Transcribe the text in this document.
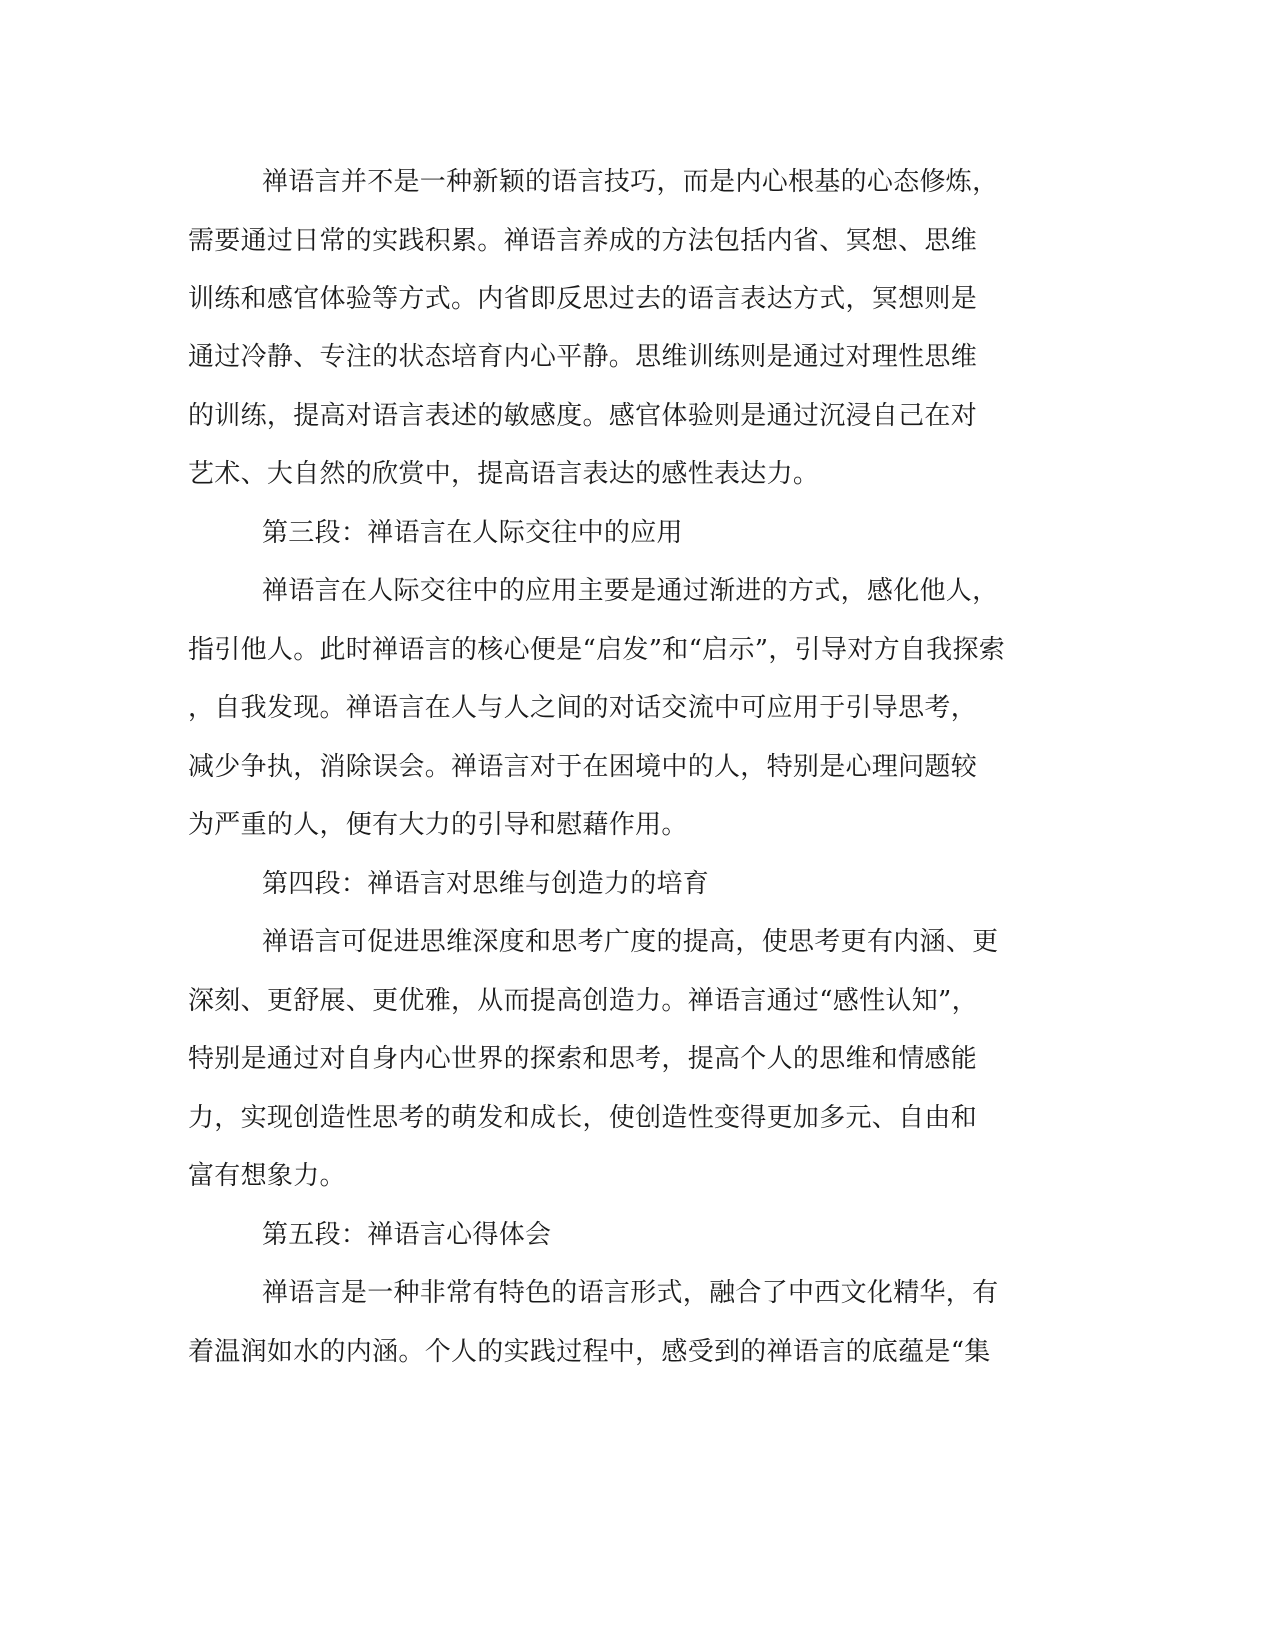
禅语言并不是一种新颖的语言技巧，而是内心根基的心态修炼，
需要通过日常的实践积累。禅语言养成的方法包括内省、冥想、思维
训练和感官体验等方式。内省即反思过去的语言表达方式，冥想则是
通过冷静、专注的状态培育内心平静。思维训练则是通过对理性思维
的训练，提高对语言表述的敏感度。感官体验则是通过沉浸自己在对
艺术、大自然的欣赏中，提高语言表达的感性表达力。
第三段：禅语言在人际交往中的应用
禅语言在人际交往中的应用主要是通过渐进的方式，感化他人，
指引他人。此时禅语言的核心便是“启发”和“启示”，引导对方自我探索
，自我发现。禅语言在人与人之间的对话交流中可应用于引导思考，
减少争执，消除误会。禅语言对于在困境中的人，特别是心理问题较
为严重的人，便有大力的引导和慰藉作用。
第四段：禅语言对思维与创造力的培育
禅语言可促进思维深度和思考广度的提高，使思考更有内涵、更
深刻、更舒展、更优雅，从而提高创造力。禅语言通过“感性认知”，
特别是通过对自身内心世界的探索和思考，提高个人的思维和情感能
力，实现创造性思考的萌发和成长，使创造性变得更加多元、自由和
富有想象力。
第五段：禅语言心得体会
禅语言是一种非常有特色的语言形式，融合了中西文化精华，有
着温润如水的内涵。个人的实践过程中，感受到的禅语言的底蕴是“集
